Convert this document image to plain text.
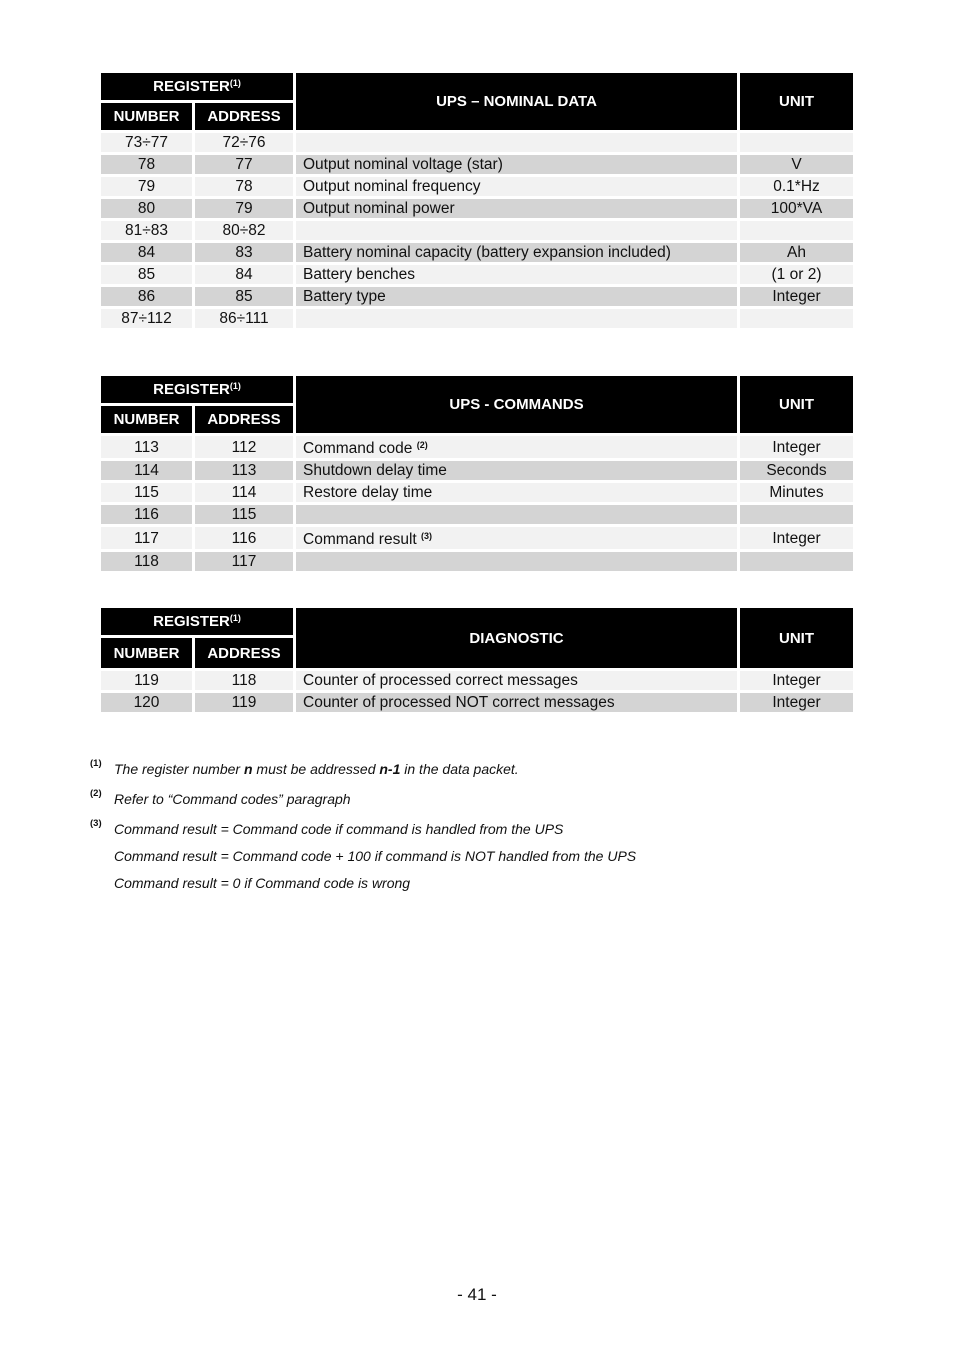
REGISTER$^{(1)}$		UPS – NOMINAL DATA	UNIT
NUMBER	ADDRESS		
73÷77	72÷76		
78	77	Output nominal voltage (star)	V
79	78	Output nominal frequency	0.1*Hz
80	79	Output nominal power	100*VA
81÷83	80÷82		
84	83	Battery nominal capacity (battery expansion included)	Ah
85	84	Battery benches	(1 or 2)
86	85	Battery type	Integer
87÷112	86÷111		
REGISTER$^{(1)}$		UPS - COMMANDS	UNIT
NUMBER	ADDRESS		
113	112	Command code $^{(2)}$	Integer
114	113	Shutdown delay time	Seconds
115	114	Restore delay time	Minutes
116	115		
117	116	Command result $^{(3)}$	Integer
118	117		
REGISTER$^{(1)}$		DIAGNOSTIC	UNIT
NUMBER	ADDRESS		
119	118	Counter of processed correct messages	Integer
120	119	Counter of processed NOT correct messages	Integer
(1) The register number n must be addressed n-1 in the data packet.
(2) Refer to “Command codes” paragraph
(3) Command result = Command code if command is handled from the UPS
Command result = Command code + 100 if command is NOT handled from the UPS
Command result = 0 if Command code is wrong
- 41 -
